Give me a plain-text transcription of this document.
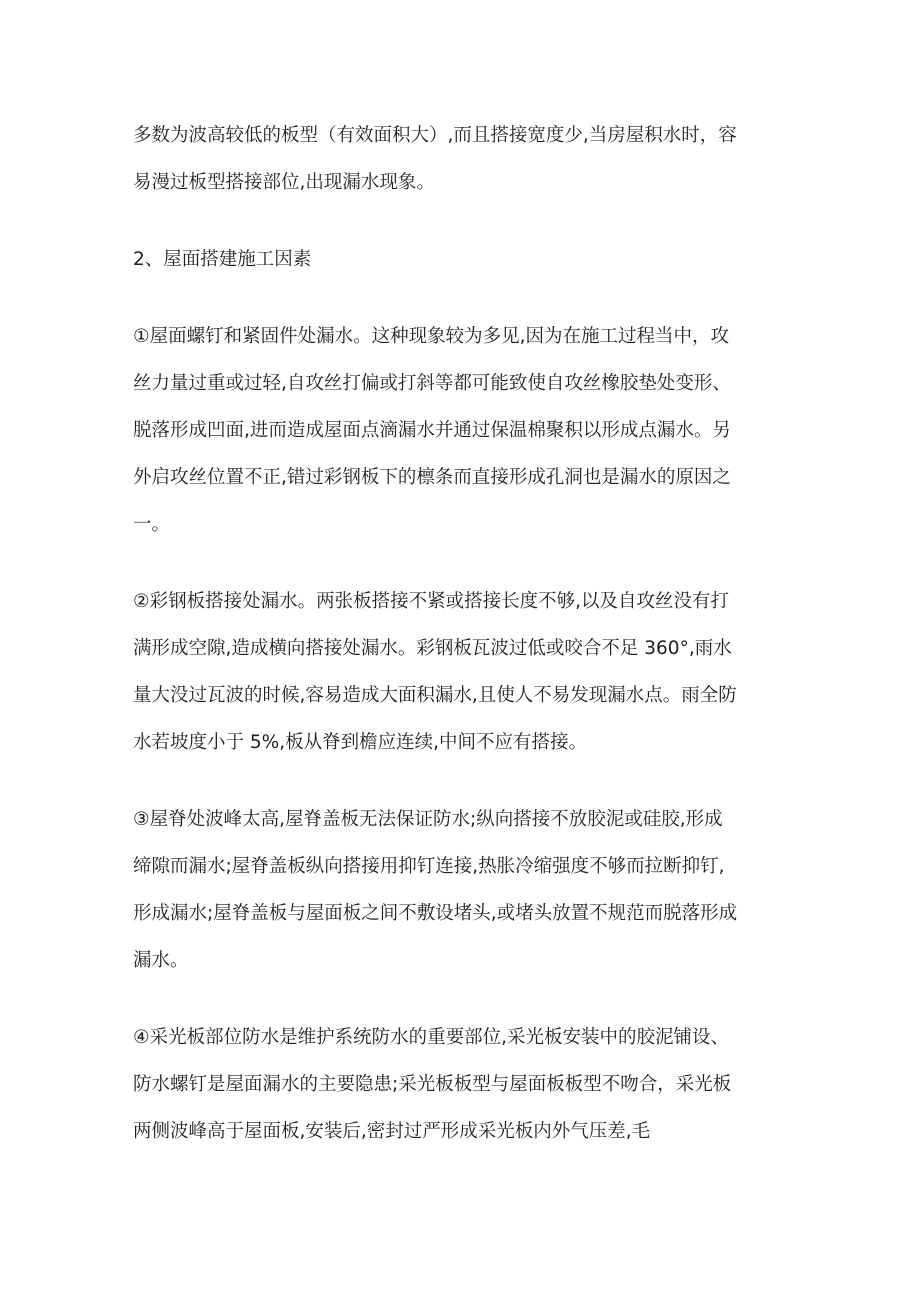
多数为波高较低的板型（有效面积大）,而且搭接宽度少,当房屋积水时，容
易漫过板型搭接部位,出现漏水现象。

2、屋面搭建施工因素

①屋面螺钉和紧固件处漏水。这种现象较为多见,因为在施工过程当中，攻
丝力量过重或过轻,自攻丝打偏或打斜等都可能致使自攻丝橡胶垫处变形、
脱落形成凹面,进而造成屋面点滴漏水并通过保温棉聚积以形成点漏水。另
外启攻丝位置不正,错过彩钢板下的檩条而直接形成孔洞也是漏水的原因之
一。

②彩钢板搭接处漏水。两张板搭接不紧或搭接长度不够,以及自攻丝没有打
满形成空隙,造成横向搭接处漏水。彩钢板瓦波过低或咬合不足 360°,雨水
量大没过瓦波的时候,容易造成大面积漏水,且使人不易发现漏水点。雨全防
水若坡度小于 5%,板从脊到檐应连续,中间不应有搭接。

③屋脊处波峰太高,屋脊盖板无法保证防水;纵向搭接不放胶泥或硅胶,形成
缔隙而漏水;屋脊盖板纵向搭接用抑钉连接,热胀冷缩强度不够而拉断抑钉,
形成漏水;屋脊盖板与屋面板之间不敷设堵头,或堵头放置不规范而脱落形成
漏水。

④采光板部位防水是维护系统防水的重要部位,采光板安装中的胶泥铺设、
防水螺钉是屋面漏水的主要隐患;采光板板型与屋面板板型不吻合，采光板
两侧波峰高于屋面板,安装后,密封过严形成采光板内外气压差,毛
